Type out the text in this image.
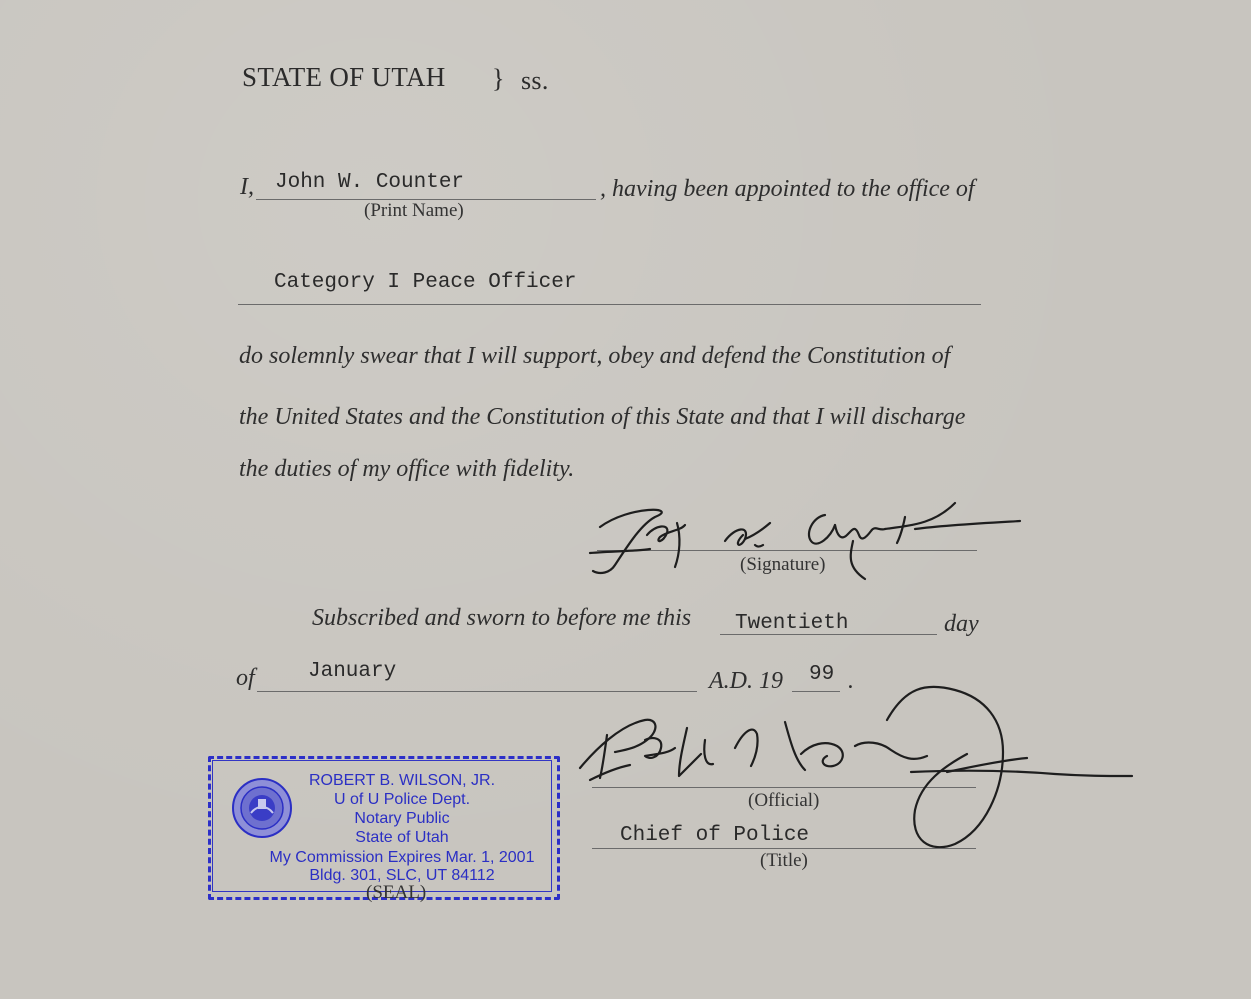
STATE OF UTAH } ss.
I, John W. Counter
(Print Name)
, having been appointed to the office of
Category I Peace Officer
do solemnly swear that I will support, obey and defend the Constitution of
the United States and the Constitution of this State and that I will discharge
the duties of my office with fidelity.
(Signature)
Subscribed and sworn to before me this Twentieth	day
of	January	A.D. 19 99 .
(Official)
Chief of Police
(Title)
ROBERT B. WILSON, JR.
U of U Police Dept.
Notary Public
State of Utah
My Commission Expires Mar. 1, 2001
Bldg. 301, SLC, UT 84112
(SEAL)
